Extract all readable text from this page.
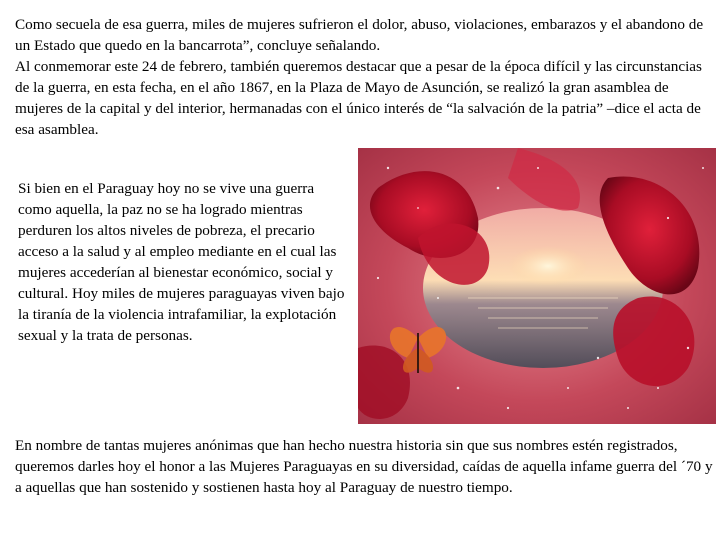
Como secuela de esa guerra, miles de mujeres sufrieron el dolor, abuso, violaciones, embarazos y el abandono de un Estado que quedo en la bancarrota”, concluye señalando.
Al conmemorar este 24 de febrero, también queremos destacar que a pesar de la época difícil y las circunstancias de la guerra, en esta fecha, en el año 1867, en la Plaza de Mayo de Asunción, se realizó la gran asamblea de mujeres de la capital y del interior, hermanadas con el único interés de “la salvación de la patria” –dice el acta de esa asamblea.

Si bien en el Paraguay hoy no se vive una guerra como aquella, la paz no se ha logrado mientras perduren los altos niveles de pobreza, el precario acceso a la salud y al empleo mediante en el cual las mujeres accederían al bienestar económico, social y cultural. Hoy miles de mujeres paraguayas viven bajo la tiranía de la violencia intrafamiliar, la explotación sexual y la trata de personas.

En nombre de tantas mujeres anónimas que han hecho nuestra historia sin que sus nombres estén registrados, queremos darles hoy el honor a las Mujeres Paraguayas en su diversidad, caídas de aquella infame guerra del ´70 y a aquellas que han sostenido y sostienen hasta hoy al Paraguay de nuestro tiempo.
